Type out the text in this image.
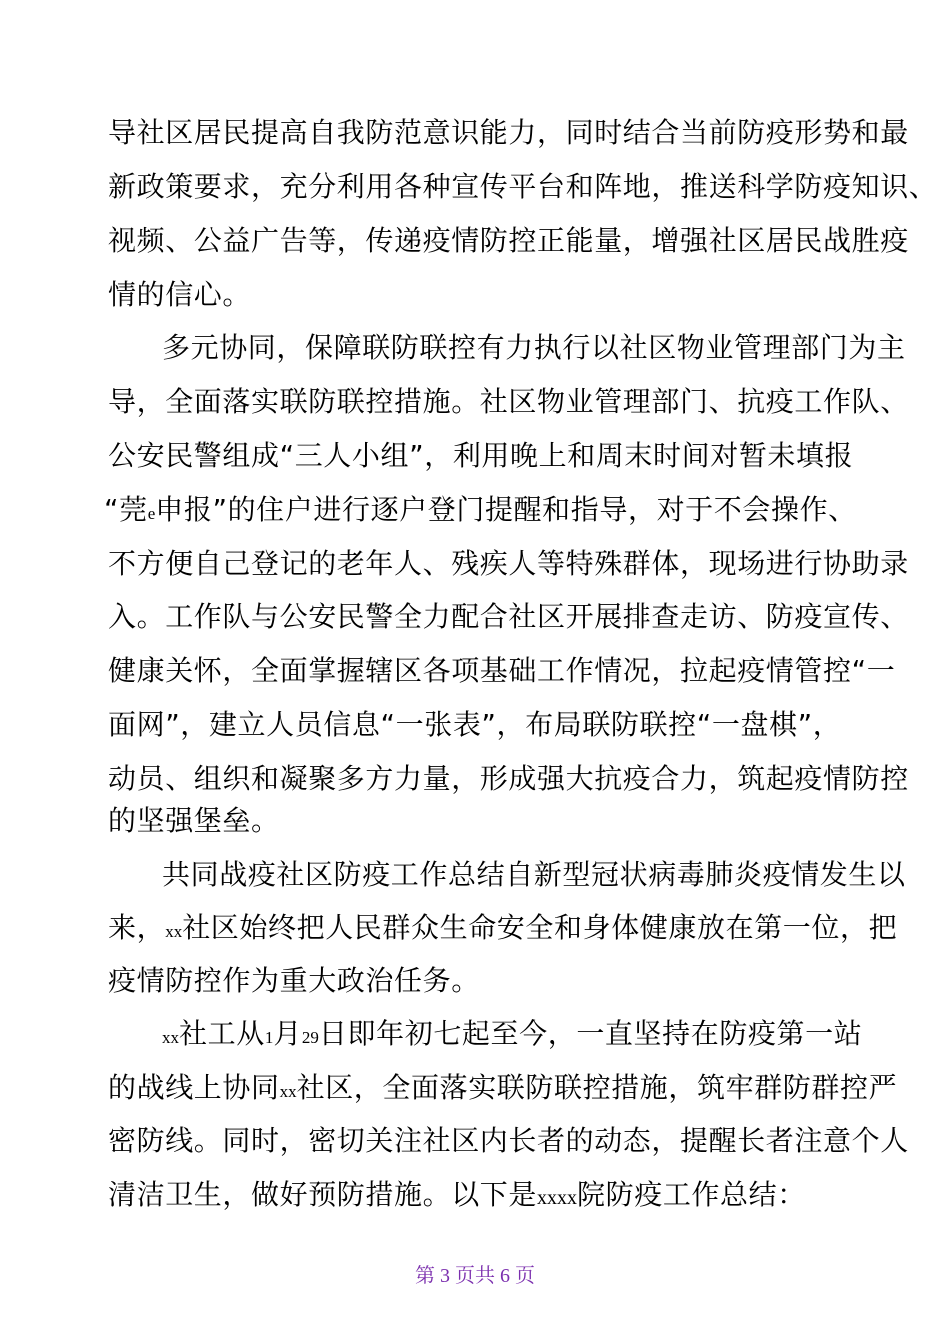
导社区居民提高自我防范意识能力，同时结合当前防疫形势和最
新政策要求，充分利用各种宣传平台和阵地，推送科学防疫知识、
视频、公益广告等，传递疫情防控正能量，增强社区居民战胜疫
情的信心。
多元协同，保障联防联控有力执行以社区物业管理部门为主
导，全面落实联防联控措施。社区物业管理部门、抗疫工作队、
公安民警组成“三人小组”，利用晚上和周末时间对暂未填报
“莞e申报”的住户进行逐户登门提醒和指导，对于不会操作、
不方便自己登记的老年人、残疾人等特殊群体，现场进行协助录
入。工作队与公安民警全力配合社区开展排查走访、防疫宣传、
健康关怀，全面掌握辖区各项基础工作情况，拉起疫情管控“一
面网”，建立人员信息“一张表”，布局联防联控“一盘棋”，
动员、组织和凝聚多方力量，形成强大抗疫合力，筑起疫情防控
的坚强堡垒。
共同战疫社区防疫工作总结自新型冠状病毒肺炎疫情发生以
来，xx社区始终把人民群众生命安全和身体健康放在第一位，把
疫情防控作为重大政治任务。
xx社工从1月29日即年初七起至今，一直坚持在防疫第一站
的战线上协同xx社区，全面落实联防联控措施，筑牢群防群控严
密防线。同时，密切关注社区内长者的动态，提醒长者注意个人
清洁卫生，做好预防措施。以下是xxxx院防疫工作总结：
第 3 页共 6 页
